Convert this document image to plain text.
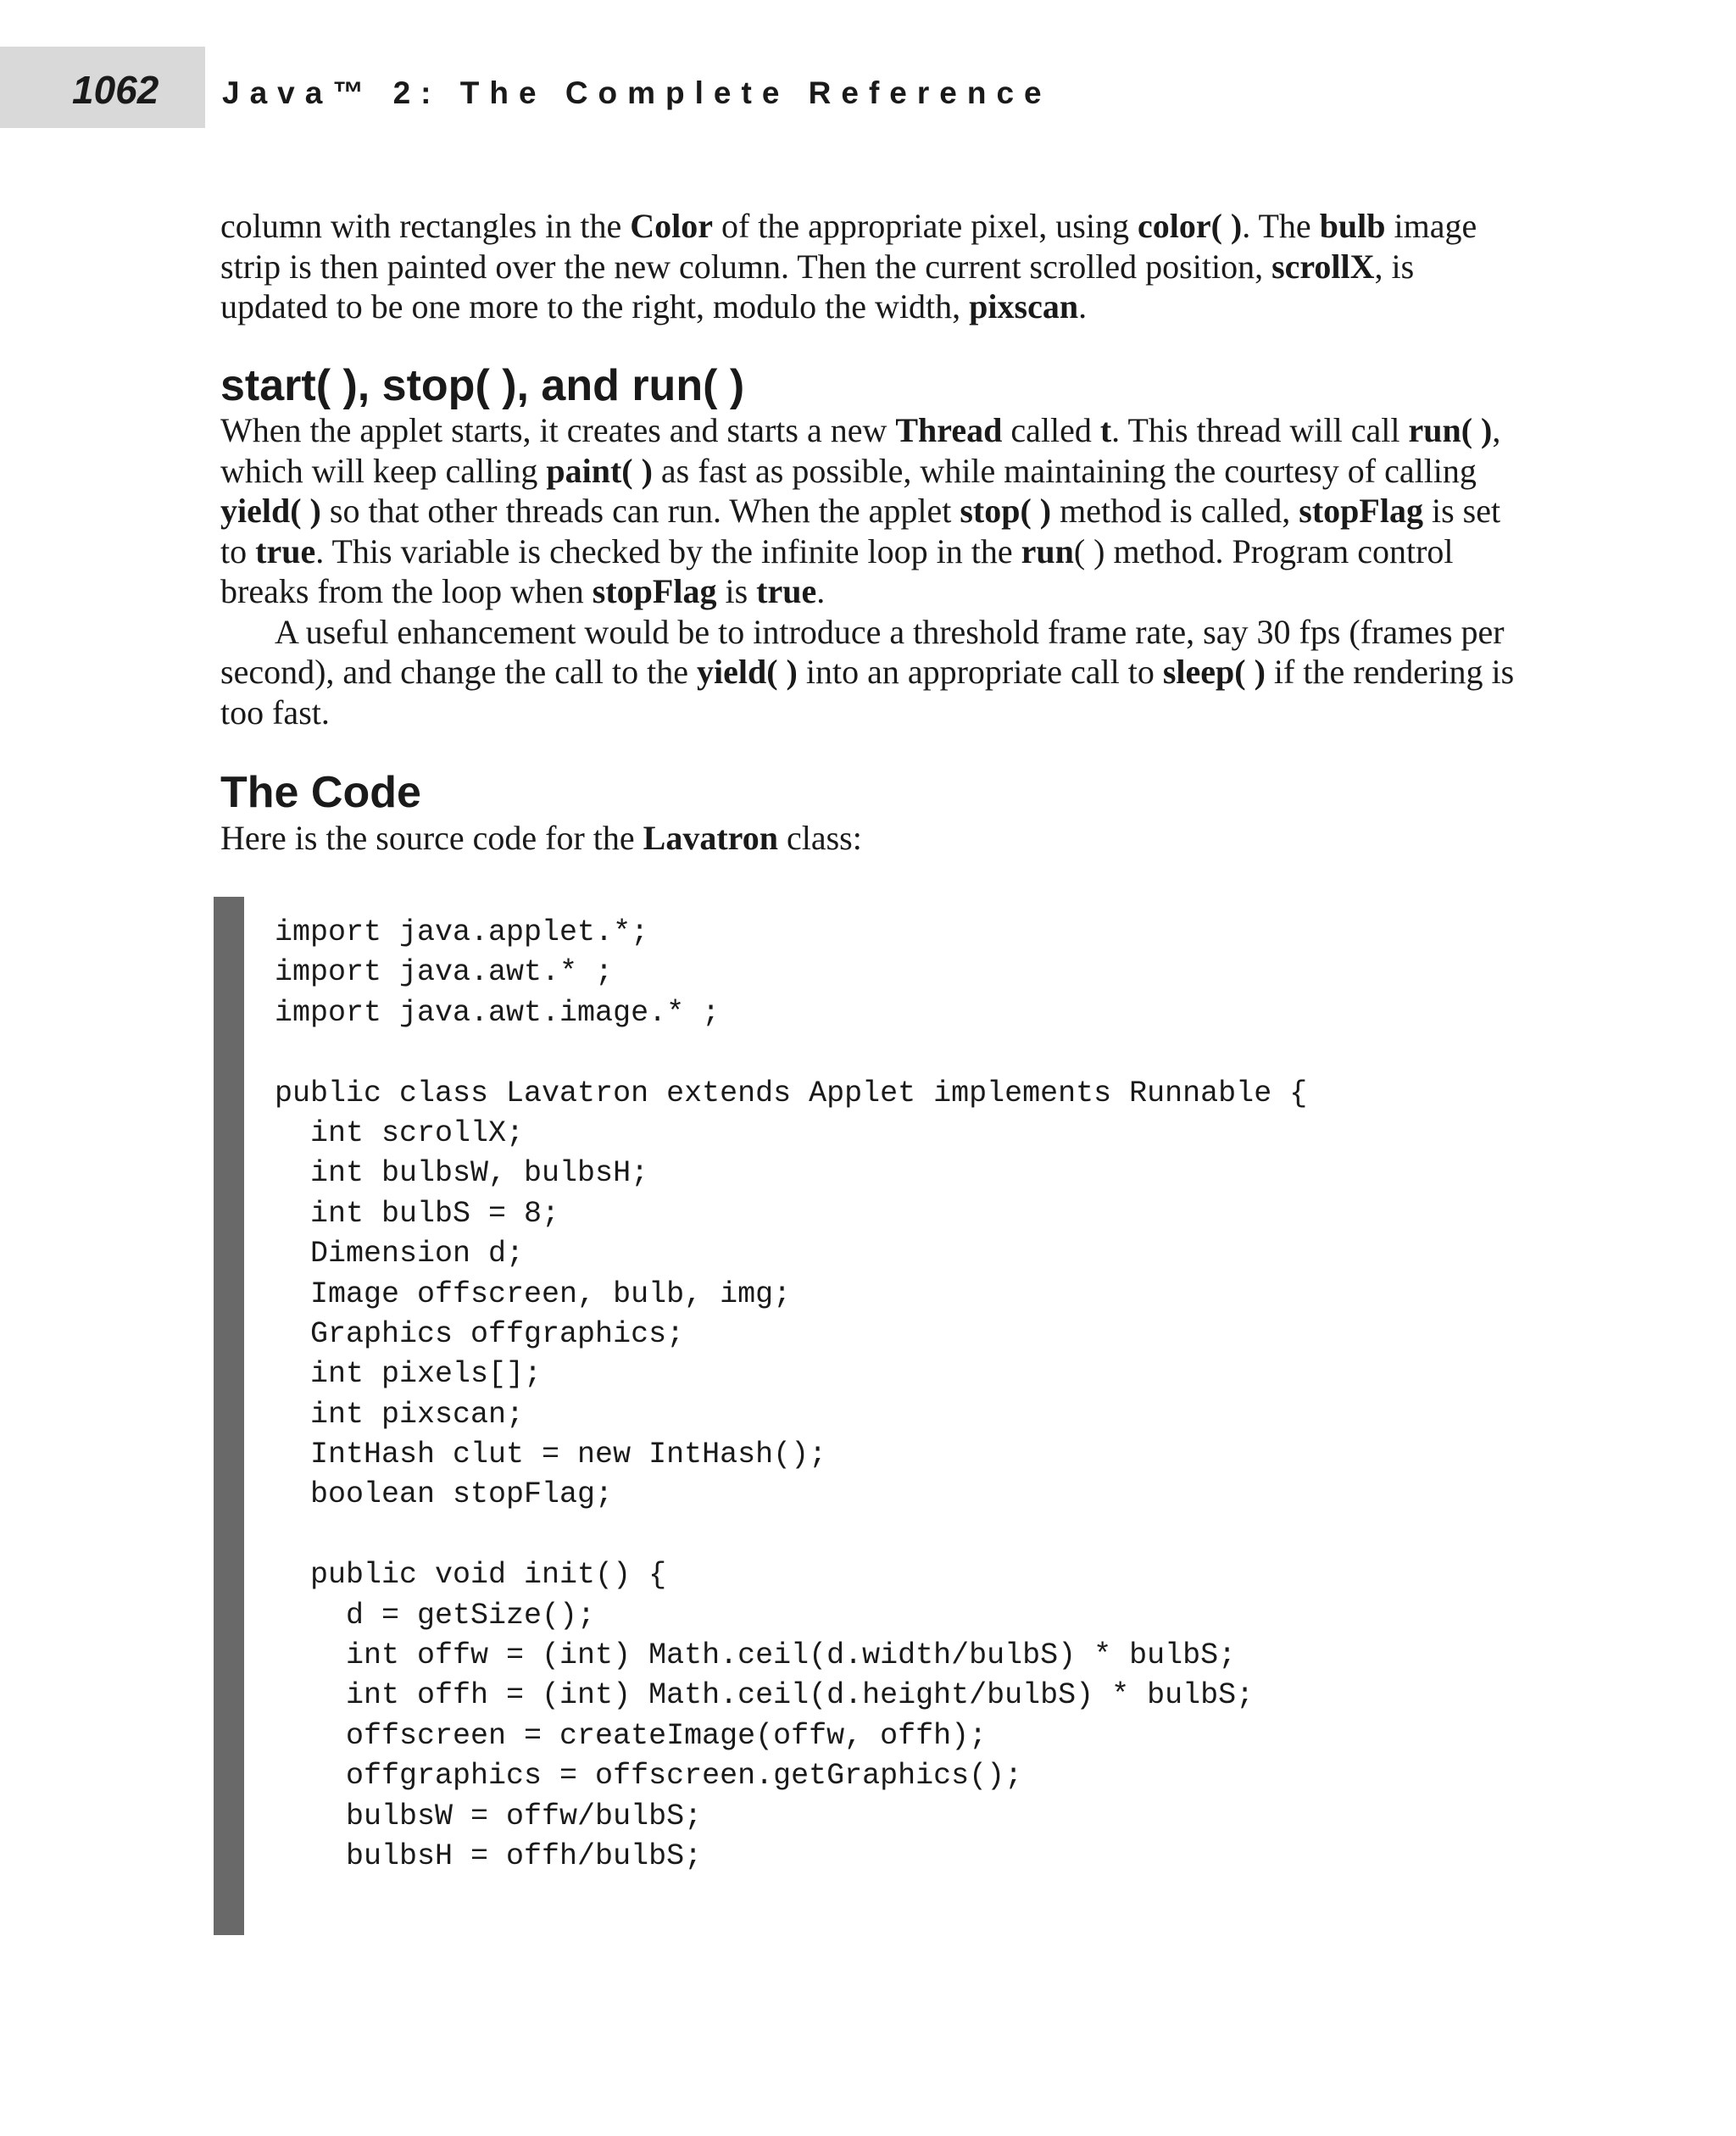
1062 Java™ 2: The Complete Reference

column with rectangles in the Color of the appropriate pixel, using color( ). The bulb image strip is then painted over the new column. Then the current scrolled position, scrollX, is updated to be one more to the right, modulo the width, pixscan.

start( ), stop( ), and run( )

When the applet starts, it creates and starts a new Thread called t. This thread will call run( ), which will keep calling paint( ) as fast as possible, while maintaining the courtesy of calling yield( ) so that other threads can run. When the applet stop( ) method is called, stopFlag is set to true. This variable is checked by the infinite loop in the run( ) method. Program control breaks from the loop when stopFlag is true.

A useful enhancement would be to introduce a threshold frame rate, say 30 fps (frames per second), and change the call to the yield( ) into an appropriate call to sleep( ) if the rendering is too fast.

The Code

Here is the source code for the Lavatron class:

import java.applet.*;
import java.awt.* ;
import java.awt.image.* ;
public class Lavatron extends Applet implements Runnable {
int scrollX;
int bulbsW, bulbsH;
int bulbS = 8;
Dimension d;
Image offscreen, bulb, img;
Graphics offgraphics;
int pixels[];
int pixscan;
IntHash clut = new IntHash();
boolean stopFlag;
public void init() {
d = getSize();
int offw = (int) Math.ceil(d.width/bulbS) * bulbS;
int offh = (int) Math.ceil(d.height/bulbS) * bulbS;
offscreen = createImage(offw, offh);
offgraphics = offscreen.getGraphics();
bulbsW = offw/bulbS;
bulbsH = offh/bulbS;
